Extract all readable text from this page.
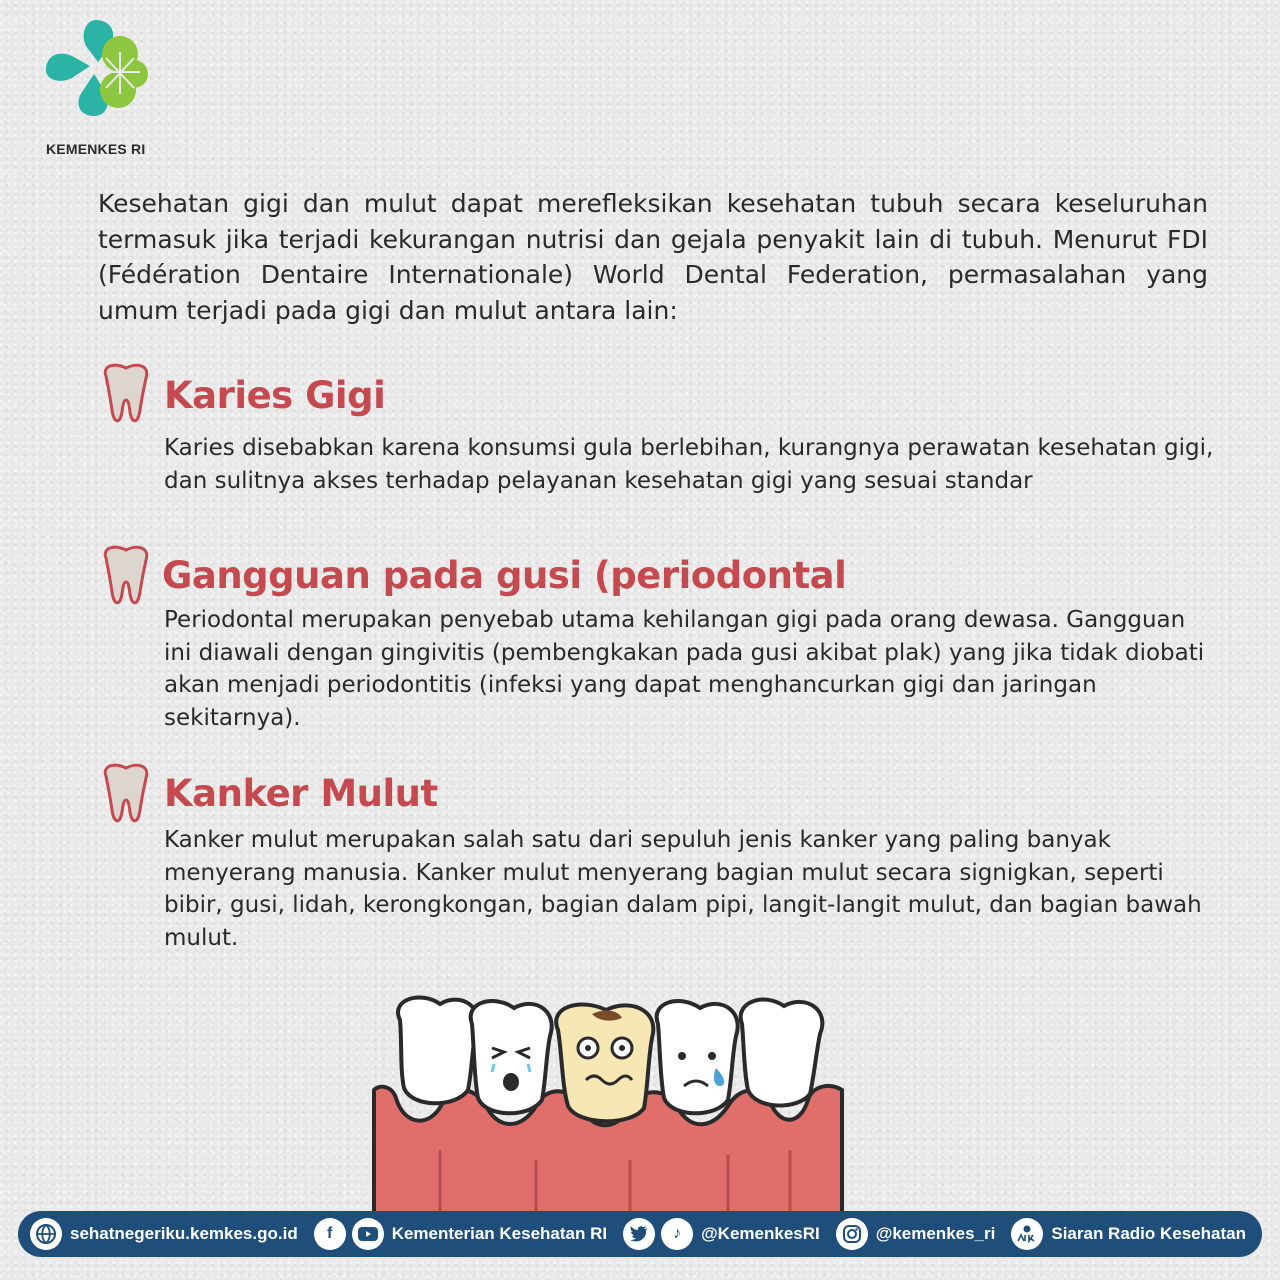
KEMENKES RI

Kesehatan gigi dan mulut dapat merefleksikan kesehatan tubuh secara keseluruhan termasuk jika terjadi kekurangan nutrisi dan gejala penyakit lain di tubuh. Menurut FDI (Fédération Dentaire Internationale) World Dental Federation, permasalahan yang umum terjadi pada gigi dan mulut antara lain:

Karies Gigi

Karies disebabkan karena konsumsi gula berlebihan, kurangnya perawatan kesehatan gigi, dan sulitnya akses terhadap pelayanan kesehatan gigi yang sesuai standar

Gangguan pada gusi (periodontal

Periodontal merupakan penyebab utama kehilangan gigi pada orang dewasa. Gangguan ini diawali dengan gingivitis (pembengkakan pada gusi akibat plak) yang jika tidak diobati akan menjadi periodontitis (infeksi yang dapat menghancurkan gigi dan jaringan sekitarnya).

Kanker Mulut

Kanker mulut merupakan salah satu dari sepuluh jenis kanker yang paling banyak menyerang manusia. Kanker mulut menyerang bagian mulut secara signigkan, seperti bibir, gusi, lidah, kerongkongan, bagian dalam pipi, langit-langit mulut, dan bagian bawah mulut.

sehatnegeriku.kemkes.go.id	f	Kementerian Kesehatan RI	♪	@KemenkesRI	@kemenkes_ri	Siaran Radio Kesehatan
